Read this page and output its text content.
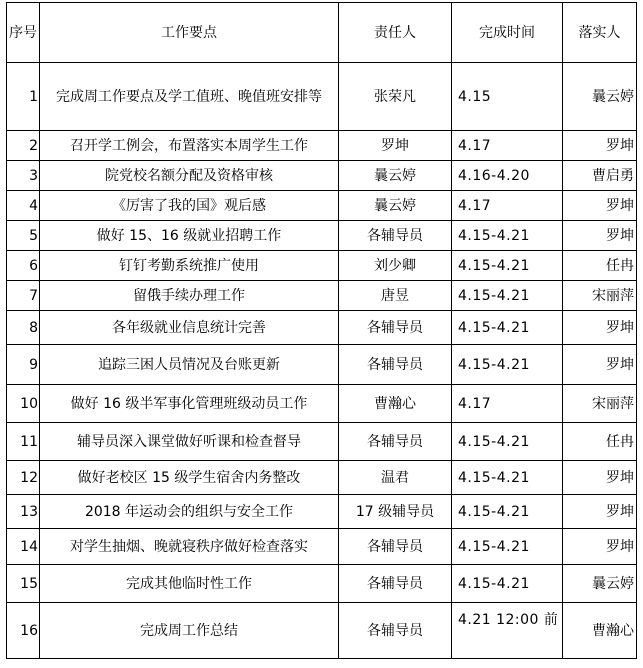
序号	工作要点	责任人	完成时间	落实人
1	完成周工作要点及学工值班、晚值班安排等	张荣凡	4.15	曩云婷
2	召开学工例会，布置落实本周学生工作	罗坤	4.17	罗坤
3	院党校名额分配及资格审核	曩云婷	4.16-4.20	曹启勇
4	《厉害了我的国》观后感	曩云婷	4.17	罗坤
5	做好 15、16 级就业招聘工作	各辅导员	4.15-4.21	罗坤
6	钉钉考勤系统推广使用	刘少卿	4.15-4.21	任冉
7	留俄手续办理工作	唐昱	4.15-4.21	宋丽萍
8	各年级就业信息统计完善	各辅导员	4.15-4.21	罗坤
9	追踪三困人员情况及台账更新	各辅导员	4.15-4.21	罗坤
10	做好 16 级半军事化管理班级动员工作	曹瀚心	4.17	宋丽萍
11	辅导员深入课堂做好听课和检查督导	各辅导员	4.15-4.21	任冉
12	做好老校区 15 级学生宿舍内务整改	温君	4.15-4.21	罗坤
13	2018 年运动会的组织与安全工作	17 级辅导员	4.15-4.21	罗坤
14	对学生抽烟、晚就寝秩序做好检查落实	各辅导员	4.15-4.21	罗坤
15	完成其他临时性工作	各辅导员	4.15-4.21	曩云婷
16	完成周工作总结	各辅导员	4.21 12:00 前	曹瀚心
